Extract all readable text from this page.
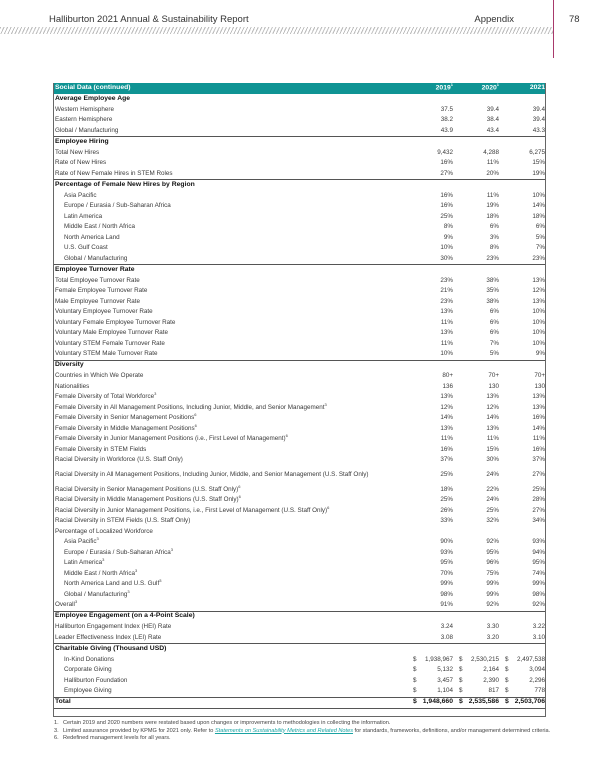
Halliburton 2021 Annual & Sustainability Report	Appendix	78
Social Data (continued)	2019$^1$	2020$^1$	2021
Average Employee Age			
Western Hemisphere	37.5	39.4	39.4
Eastern Hemisphere	38.2	38.4	39.4
Global / Manufacturing	43.9	43.4	43.3
Employee Hiring			
Total New Hires	9,432	4,288	6,275
Rate of New Hires	16%	11%	15%
Rate of New Female Hires in STEM Roles	27%	20%	19%
Percentage of Female New Hires by Region			
Asia Pacific	16%	11%	10%
Europe / Eurasia / Sub-Saharan Africa	16%	19%	14%
Latin America	25%	18%	18%
Middle East / North Africa	8%	6%	6%
North America Land	9%	3%	5%
U.S. Gulf Coast	10%	8%	7%
Global / Manufacturing	30%	23%	23%
Employee Turnover Rate			
Total Employee Turnover Rate	23%	38%	13%
Female Employee Turnover Rate	21%	35%	12%
Male Employee Turnover Rate	23%	38%	13%
Voluntary Employee Turnover Rate	13%	6%	10%
Voluntary Female Employee Turnover Rate	11%	6%	10%
Voluntary Male Employee Turnover Rate	13%	6%	10%
Voluntary STEM Female Turnover Rate	11%	7%	10%
Voluntary STEM Male Turnover Rate	10%	5%	9%
Diversity			
Countries in Which We Operate	80+	70+	70+
Nationalities	136	130	130
Female Diversity of Total Workforce$^3$	13%	13%	13%
Female Diversity in All Management Positions, Including Junior, Middle, and Senior Management$^3$	12%	12%	13%
Female Diversity in Senior Management Positions$^6$	14%	14%	16%
Female Diversity in Middle Management Positions$^6$	13%	13%	14%
Female Diversity in Junior Management Positions (i.e., First Level of Management)$^6$	11%	11%	11%
Female Diversity in STEM Fields	16%	15%	16%
Racial Diversity in Workforce (U.S. Staff Only)	37%	30%	37%
Racial Diversity in All Management Positions, Including Junior, Middle, and Senior Management (U.S. Staff Only)	25%	24%	27%
Racial Diversity in Senior Management Positions (U.S. Staff Only)$^6$	18%	22%	25%
Racial Diversity in Middle Management Positions (U.S. Staff Only)$^6$	25%	24%	28%
Racial Diversity in Junior Management Positions, i.e., First Level of Management (U.S. Staff Only)$^6$	26%	25%	27%
Racial Diversity in STEM Fields (U.S. Staff Only)	33%	32%	34%
Percentage of Localized Workforce			
Asia Pacific$^3$	90%	92%	93%
Europe / Eurasia / Sub-Saharan Africa$^3$	93%	95%	94%
Latin America$^3$	95%	96%	95%
Middle East / North Africa$^3$	70%	75%	74%
North America Land and U.S. Gulf$^3$	99%	99%	99%
Global / Manufacturing$^3$	98%	99%	98%
Overall$^3$	91%	92%	92%
Employee Engagement (on a 4-Point Scale)			
Halliburton Engagement Index (HEI) Rate	3.24	3.30	3.22
Leader Effectiveness Index (LEI) Rate	3.08	3.20	3.10
Charitable Giving (Thousand USD)			
In-Kind Donations	$ 1,938,967	$ 2,530,215	$ 2,497,538

Corporate Giving	$ 5,132	$ 2,164	$ 3,094

Halliburton Foundation	$ 3,457	$ 2,390	$ 2,296

Employee Giving	$ 1,104	$ 817	$ 778

Total	$ 1,948,660	$ 2,535,586	$ 2,503,706
1. Certain 2019 and 2020 numbers were restated based upon changes or improvements to methodologies in collecting the information.
3. Limited assurance provided by KPMG for 2021 only. Refer to Statements on Sustainability Metrics and Related Notes for standards, frameworks, definitions, and/or management determined criteria.
6. Redefined management levels for all years.
